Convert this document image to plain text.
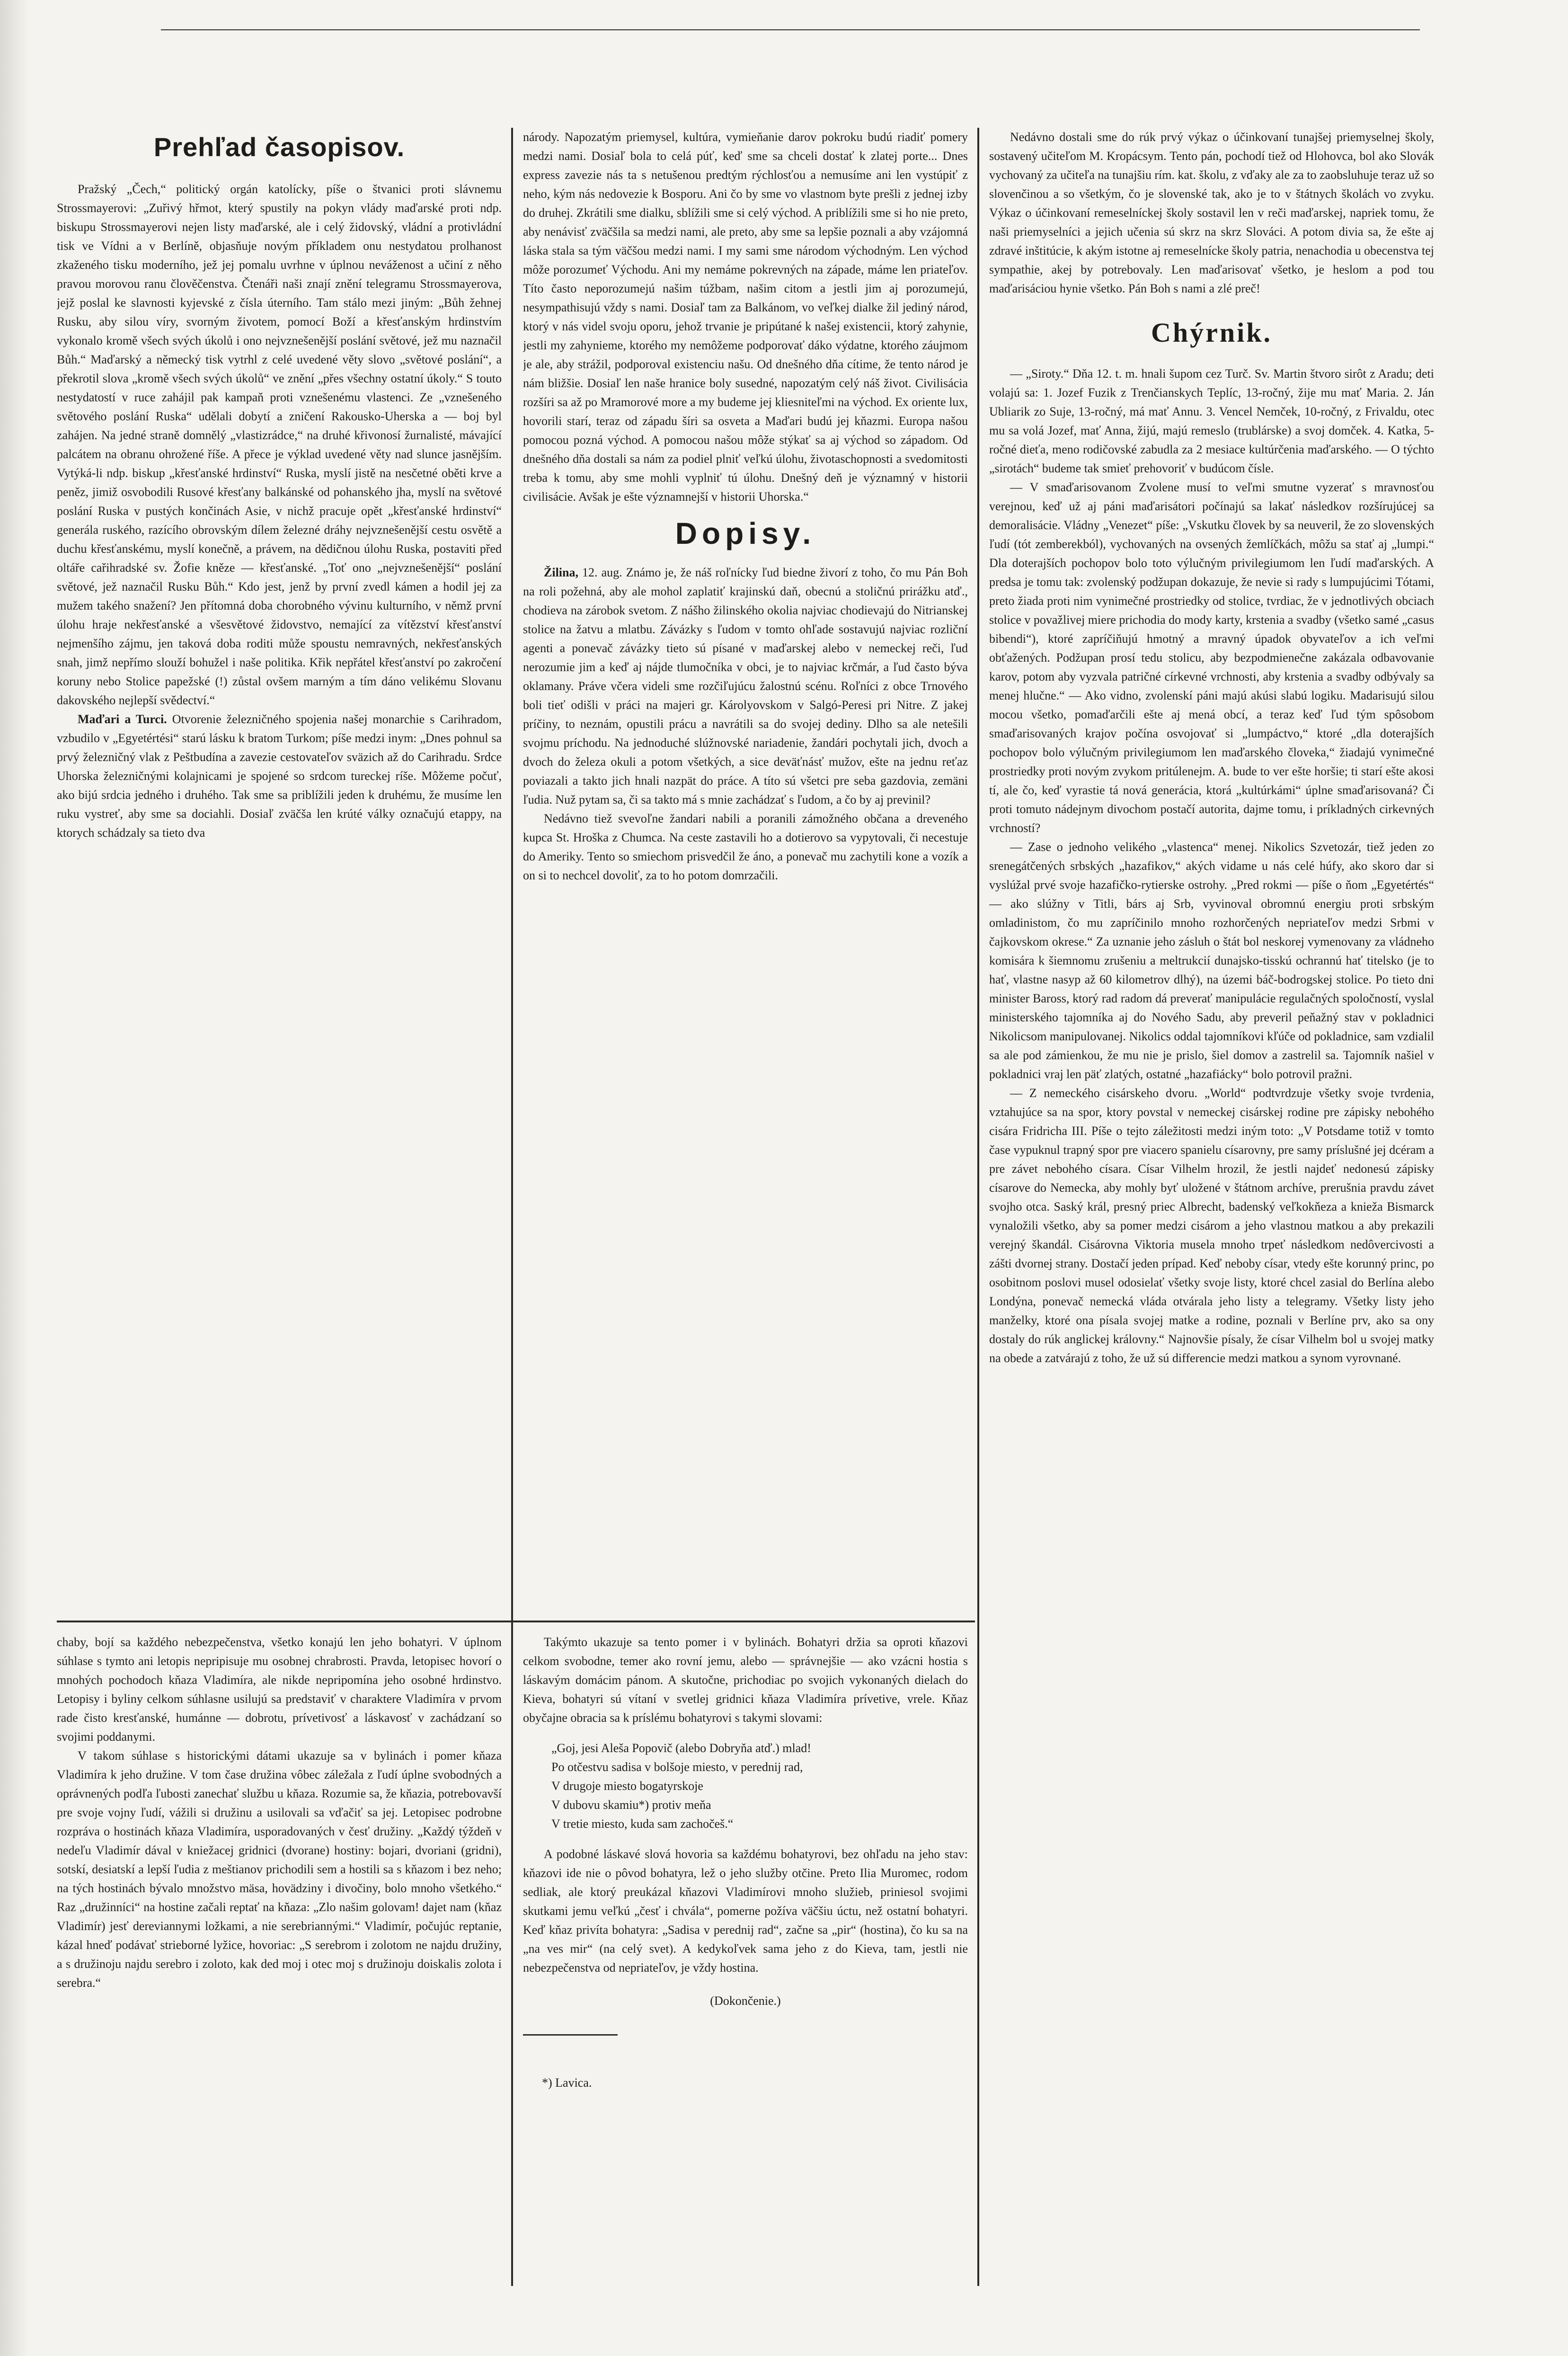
Prehľad časopisov.

Pražský „Čech,“ politický orgán katolícky, píše o štvanici proti slávnemu Strossmayerovi: „Zuřivý hřmot, který spustily na pokyn vlády maďarské proti ndp. biskupu Strossmayerovi nejen listy maďarské, ale i celý židovský, vládní a protivládní tisk ve Vídni a v Berlíně, objasňuje novým příkladem onu nestydatou prolhanost zkaženého tisku moderního, jež jej pomalu uvrhne v úplnou neváženost a učiní z něho pravou morovou ranu člověčenstva. Čtenáři naši znají znění telegramu Strossmayerova, jejž poslal ke slavnosti kyjevské z čísla úterního. Tam stálo mezi jiným: „Bůh žehnej Rusku, aby silou víry, svorným životem, pomocí Boží a křesťanským hrdinstvím vykonalo kromě všech svých úkolů i ono nejvznešenější poslání světové, jež mu naznačil Bůh.“ Maďarský a německý tisk vytrhl z celé uvedené věty slovo „světové poslání“, a překrotil slova „kromě všech svých úkolů“ ve znění „přes všechny ostatní úkoly.“ S touto nestydatostí v ruce zahájil pak kampaň proti vznešenému vlastenci. Ze „vznešeného světového poslání Ruska“ udělali dobytí a zničení Rakousko-Uherska a — boj byl zahájen. Na jedné straně domnělý „vlastizrádce,“ na druhé křivonosí žurnalisté, mávající palcátem na obranu ohrožené říše. A přece je výklad uvedené věty nad slunce jasnějším. Vytýká-li ndp. biskup „křesťanské hrdinství“ Ruska, myslí jistě na nesčetné oběti krve a peněz, jimiž osvobodili Rusové křesťany balkánské od pohanského jha, myslí na světové poslání Ruska v pustých končinách Asie, v nichž pracuje opět „křesťanské hrdinství“ generála ruského, razícího obrovským dílem železné dráhy nejvznešenější cestu osvětě a duchu křesťanskému, myslí konečně, a právem, na dědičnou úlohu Ruska, postaviti před oltáře cařihradské sv. Žofie kněze — křesťanské. „Toť ono „nejvznešenější“ poslání světové, jež naznačil Rusku Bůh.“ Kdo jest, jenž by první zvedl kámen a hodil jej za mužem takého snažení? Jen přítomná doba chorobného vývinu kulturního, v němž první úlohu hraje nekřesťanské a všesvětové židovstvo, nemající za vítězství křesťanství nejmenšího zájmu, jen taková doba roditi může spoustu nemravných, nekřesťanských snah, jimž nepřímo slouží bohužel i naše politika. Křik nepřátel křesťanství po zakročení koruny nebo Stolice papežské (!) zůstal ovšem marným a tím dáno velikému Slovanu dakovského nejlepší svědectví.“

Maďari a Turci. Otvorenie železničného spojenia našej monarchie s Carihradom, vzbudilo v „Egyetértési“ starú lásku k bratom Turkom; píše medzi inym: „Dnes pohnul sa prvý železničný vlak z Peštbudína a zavezie cestovateľov sväzich až do Carihradu. Srdce Uhorska železničnými kolajnicami je spojené so srdcom tureckej ríše. Môžeme počuť, ako bijú srdcia jedného i druhého. Tak sme sa priblížili jeden k druhému, že musíme len ruku vystreť, aby sme sa dociahli. Dosiaľ zväčša len krúté války označujú etappy, na ktorych schádzaly sa tieto dva

chaby, bojí sa každého nebezpečenstva, všetko konajú len jeho bohatyri. V úplnom súhlase s tymto ani letopis nepripisuje mu osobnej chrabrosti. Pravda, letopisec hovorí o mnohých pochodoch kňaza Vladimíra, ale nikde nepripomína jeho osobné hrdinstvo. Letopisy i byliny celkom súhlasne usilujú sa predstaviť v charaktere Vladimíra v prvom rade čisto kresťanské, humánne — dobrotu, prívetivosť a láskavosť v zachádzaní so svojimi poddanymi.

V takom súhlase s historickými dátami ukazuje sa v bylinách i pomer kňaza Vladimíra k jeho družine. V tom čase družina vôbec záležala z ľudí úplne svobodných a oprávnených podľa ľubosti zanechať službu u kňaza. Rozumie sa, že kňazia, potrebovavší pre svoje vojny ľudí, vážili si družinu a usilovali sa vďačiť sa jej. Letopisec podrobne rozpráva o hostinách kňaza Vladimíra, usporadovaných v česť družiny. „Každý týždeň v nedeľu Vladimír dával v kniežacej gridnici (dvorane) hostiny: bojari, dvoriani (gridni), sotskí, desiatskí a lepší ľudia z meštianov prichodili sem a hostili sa s kňazom i bez neho; na tých hostinách bývalo množstvo mäsa, hovädziny i divočiny, bolo mnoho všetkého.“ Raz „družinníci“ na hostine začali reptať na kňaza: „Zlo našim golovam! dajet nam (kňaz Vladimír) jesť dereviannymi ložkami, a nie serebriannými.“ Vladimír, počujúc reptanie, kázal hneď podávať strieborné lyžice, hovoriac: „S serebrom i zolotom ne najdu družiny, a s družinoju najdu serebro i zoloto, kak ded moj i otec moj s družinoju doiskalis zolota i serebra.“

národy. Napozatým priemysel, kultúra, vymieňanie darov pokroku budú riadiť pomery medzi nami. Dosiaľ bola to celá púť, keď sme sa chceli dostať k zlatej porte... Dnes express zavezie nás ta s netušenou predtým rýchlosťou a nemusíme ani len vystúpiť z neho, kým nás nedovezie k Bosporu. Ani čo by sme vo vlastnom byte prešli z jednej izby do druhej. Zkrátili sme dialku, sblížili sme si celý východ. A priblížili sme si ho nie preto, aby nenávisť zväčšila sa medzi nami, ale preto, aby sme sa lepšie poznali a aby vzájomná láska stala sa tým väčšou medzi nami. I my sami sme národom východným. Len východ môže porozumeť Východu. Ani my nemáme pokrevných na západe, máme len priateľov. Títo často neporozumejú našim túžbam, našim citom a jestli jim aj porozumejú, nesympathisujú vždy s nami. Dosiaľ tam za Balkánom, vo veľkej dialke žil jediný národ, ktorý v nás videl svoju oporu, jehož trvanie je pripútané k našej existencii, ktorý zahynie, jestli my zahynieme, ktorého my nemôžeme podporovať dáko výdatne, ktorého záujmom je ale, aby strážil, podporoval existenciu našu. Od dnešného dňa cítime, že tento národ je nám bližšie. Dosiaľ len naše hranice boly susedné, napozatým celý náš život. Civilisácia rozšíri sa až po Mramorové more a my budeme jej kliesniteľmi na východ. Ex oriente lux, hovorili starí, teraz od západu šíri sa osveta a Maďari budú jej kňazmi. Europa našou pomocou pozná východ. A pomocou našou môže stýkať sa aj východ so západom. Od dnešného dňa dostali sa nám za podiel plniť veľkú úlohu, životaschopnosti a svedomitosti treba k tomu, aby sme mohli vyplniť tú úlohu. Dnešný deň je významný v historii civilisácie. Avšak je ešte významnejší v historii Uhorska.“

Dopisy.

Žilina, 12. aug. Známo je, že náš roľnícky ľud biedne živorí z toho, čo mu Pán Boh na roli požehná, aby ale mohol zaplatiť krajinskú daň, obecnú a stoličnú prirážku atď., chodieva na zárobok svetom. Z nášho žilinského okolia najviac chodievajú do Nitrianskej stolice na žatvu a mlatbu. Závázky s ľudom v tomto ohľade sostavujú najviac rozliční agenti a ponevač závázky tieto sú písané v maďarskej alebo v nemeckej reči, ľud nerozumie jim a keď aj nájde tlumočníka v obci, je to najviac krčmár, a ľud často býva oklamany. Práve včera videli sme rozčiľujúcu žalostnú scénu. Roľníci z obce Trnového boli tieť odišli v práci na majeri gr. Károlyovskom v Salgó-Peresi pri Nitre. Z jakej príčiny, to neznám, opustili prácu a navrátili sa do svojej dediny. Dlho sa ale netešili svojmu príchodu. Na jednoduché slúžnovské nariadenie, žandári pochytali jich, dvoch a dvoch do železa okuli a potom všetkých, a sice deväťnásť mužov, ešte na jednu reťaz poviazali a takto jich hnali nazpät do práce. A títo sú všetci pre seba gazdovia, zemäni ľudia. Nuž pytam sa, či sa takto má s mnie zachádzať s ľudom, a čo by aj previnil?

Nedávno tiež svevoľne žandari nabili a poranili zámožného občana a dreveného kupca St. Hroška z Chumca. Na ceste zastavili ho a dotierovo sa vypytovali, či necestuje do Ameriky. Tento so smiechom prisvedčil že áno, a ponevač mu zachytili kone a vozík a on si to nechcel dovoliť, za to ho potom domrzačili.

Takýmto ukazuje sa tento pomer i v bylinách. Bohatyri držia sa oproti kňazovi celkom svobodne, temer ako rovní jemu, alebo — správnejšie — ako vzácni hostia s láskavým domácim pánom. A skutočne, prichodiac po svojich vykonaných dielach do Kieva, bohatyri sú vítaní v svetlej gridnici kňaza Vladimíra prívetive, vrele. Kňaz obyčajne obracia sa k príslému bohatyrovi s takymi slovami:

„Goj, jesi Aleša Popovič (alebo Dobryňa atď.) mlad!
Po otčestvu sadisa v bolšoje miesto, v perednij rad,
V drugoje miesto bogatyrskoje
V dubovu skamiu*) protiv meňa
V tretie miesto, kuda sam zachočeš.“

A podobné láskavé slová hovoria sa každému bohatyrovi, bez ohľadu na jeho stav: kňazovi ide nie o pôvod bohatyra, lež o jeho služby otčine. Preto Ilia Muromec, rodom sedliak, ale ktorý preukázal kňazovi Vladimírovi mnoho služieb, priniesol svojimi skutkami jemu veľkú „česť i chvála“, pomerne požíva väčšiu úctu, než ostatní bohatyri. Keď kňaz privíta bohatyra: „Sadisa v perednij rad“, začne sa „pir“ (hostina), čo ku sa na „na ves mir“ (na celý svet). A kedykoľvek sama jeho z do Kieva, tam, jestli nie nebezpečenstva od nepriateľov, je vždy hostina.

(Dokončenie.)

*) Lavica.

Nedávno dostali sme do rúk prvý výkaz o účinkovaní tunajšej priemyselnej školy, sostavený učiteľom M. Kropácsym. Tento pán, pochodí tiež od Hlohovca, bol ako Slovák vychovaný za učiteľa na tunajšiu rím. kat. školu, z vďaky ale za to zaobsluhuje teraz už so slovenčinou a so všetkým, čo je slovenské tak, ako je to v štátnych školách vo zvyku. Výkaz o účinkovaní remeselníckej školy sostavil len v reči maďarskej, napriek tomu, že naši priemyselníci a jejich učenia sú skrz na skrz Slováci. A potom divia sa, že ešte aj zdravé inštitúcie, k akým istotne aj remeselnícke školy patria, nenachodia u obecenstva tej sympathie, akej by potrebovaly. Len maďarisovať všetko, je heslom a pod tou maďarisáciou hynie všetko. Pán Boh s nami a zlé preč!

Chýrnik.

— „Siroty.“ Dňa 12. t. m. hnali šupom cez Turč. Sv. Martin štvoro sirôt z Aradu; deti volajú sa: 1. Jozef Fuzik z Trenčianskych Teplíc, 13-ročný, žije mu mať Maria. 2. Ján Ubliarik zo Suje, 13-ročný, má mať Annu. 3. Vencel Nemček, 10-ročný, z Frivaldu, otec mu sa volá Jozef, mať Anna, žijú, majú remeslo (trublárske) a svoj domček. 4. Katka, 5-ročné dieťa, meno rodičovské zabudla za 2 mesiace kultúrčenia maďarského. — O týchto „sirotách“ budeme tak smieť prehovoriť v budúcom čísle.

— V smaďarisovanom Zvolene musí to veľmi smutne vyzerať s mravnosťou verejnou, keď už aj páni maďarisátori počínajú sa lakať následkov rozšírujúcej sa demoralisácie. Vládny „Venezet“ píše: „Vskutku človek by sa neuveril, že zo slovenských ľudí (tót zemberekból), vychovaných na ovsených žemlíčkách, môžu sa stať aj „lumpi.“ Dla doterajších pochopov bolo toto výlučným privilegiumom len ľudí maďarských. A predsa je tomu tak: zvolenský podžupan dokazuje, že nevie si rady s lumpujúcimi Tótami, preto žiada proti nim vynimečné prostriedky od stolice, tvrdiac, že v jednotlivých obciach stolice v považlivej miere prichodia do mody karty, krstenia a svadby (všetko samé „casus bibendi“), ktoré zapríčiňujú hmotný a mravný úpadok obyvateľov a ich veľmi obťažených. Podžupan prosí tedu stolicu, aby bezpodmienečne zakázala odbavovanie karov, potom aby vyzvala patričné církevné vrchnosti, aby krstenia a svadby odbývaly sa menej hlučne.“ — Ako vidno, zvolenskí páni majú akúsi slabú logiku. Madarisujú silou mocou všetko, pomaďarčili ešte aj mená obcí, a teraz keď ľud tým spôsobom smaďarisovaných krajov počína osvojovať si „lumpáctvo,“ ktoré „dla doterajších pochopov bolo výlučným privilegiumom len maďarského človeka,“ žiadajú vynimečné prostriedky proti novým zvykom pritúlenejm. A. bude to ver ešte horšie; ti starí ešte akosi tí, ale čo, keď vyrastie tá nová generácia, ktorá „kultúrkámi“ úplne smaďarisovaná? Či proti tomuto nádejnym divochom postačí autorita, dajme tomu, i príkladných cirkevných vrchností?

— Zase o jednoho velikého „vlastenca“ menej. Nikolics Szvetozár, tiež jeden zo srenegátčených srbských „hazafikov,“ akých vidame u nás celé húfy, ako skoro dar si vyslúžal prvé svoje hazafičko-rytierske ostrohy. „Pred rokmi — píše o ňom „Egyetértés“ — ako slúžny v Titli, bárs aj Srb, vyvinoval obromnú energiu proti srbským omladinistom, čo mu zapríčinilo mnoho rozhorčených nepriateľov medzi Srbmi v čajkovskom okrese.“ Za uznanie jeho zásluh o štát bol neskorej vymenovany za vládneho komisára k šiemnomu zrušeniu a meltrukcií dunajsko-tisskú ochrannú hať titelsko (je to hať, vlastne nasyp až 60 kilometrov dlhý), na územi báč-bodrogskej stolice. Po tieto dni minister Baross, ktorý rad radom dá preverať manipulácie regulačných spoločností, vyslal ministerského tajomníka aj do Nového Sadu, aby preveril peňažný stav v pokladnici Nikolicsom manipulovanej. Nikolics oddal tajomníkovi kľúče od pokladnice, sam vzdialil sa ale pod zámienkou, že mu nie je prislo, šiel domov a zastrelil sa. Tajomník našiel v pokladnici vraj len päť zlatých, ostatné „hazafiácky“ bolo potrovil pražni.

— Z nemeckého cisárskeho dvoru. „World“ podtvrdzuje všetky svoje tvrdenia, vztahujúce sa na spor, ktory povstal v nemeckej cisárskej rodine pre zápisky nebohého cisára Fridricha III. Píše o tejto záležitosti medzi iným toto: „V Potsdame totiž v tomto čase vypuknul trapný spor pre viacero spanielu císarovny, pre samy príslušné jej dcéram a pre závet nebohého císara. Císar Vilhelm hrozil, že jestli najdeť nedonesú zápisky císarove do Nemecka, aby mohly byť uložené v štátnom archíve, prerušnia pravdu závet svojho otca. Saský král, presný priec Albrecht, badenský veľkokňeza a knieža Bismarck vynaložili všetko, aby sa pomer medzi cisárom a jeho vlastnou matkou a aby prekazili verejný škandál. Cisárovna Viktoria musela mnoho trpeť následkom nedôvercivosti a zášti dvornej strany. Dostačí jeden prípad. Keď neboby císar, vtedy ešte korunný princ, po osobitnom poslovi musel odosielať všetky svoje listy, ktoré chcel zasial do Berlína alebo Londýna, ponevač nemecká vláda otvárala jeho listy a telegramy. Všetky listy jeho manželky, ktoré ona písala svojej matke a rodine, poznali v Berlíne prv, ako sa ony dostaly do rúk anglickej královny.“ Najnovšie písaly, že císar Vilhelm bol u svojej matky na obede a zatvárajú z toho, že už sú differencie medzi matkou a synom vyrovnané.
